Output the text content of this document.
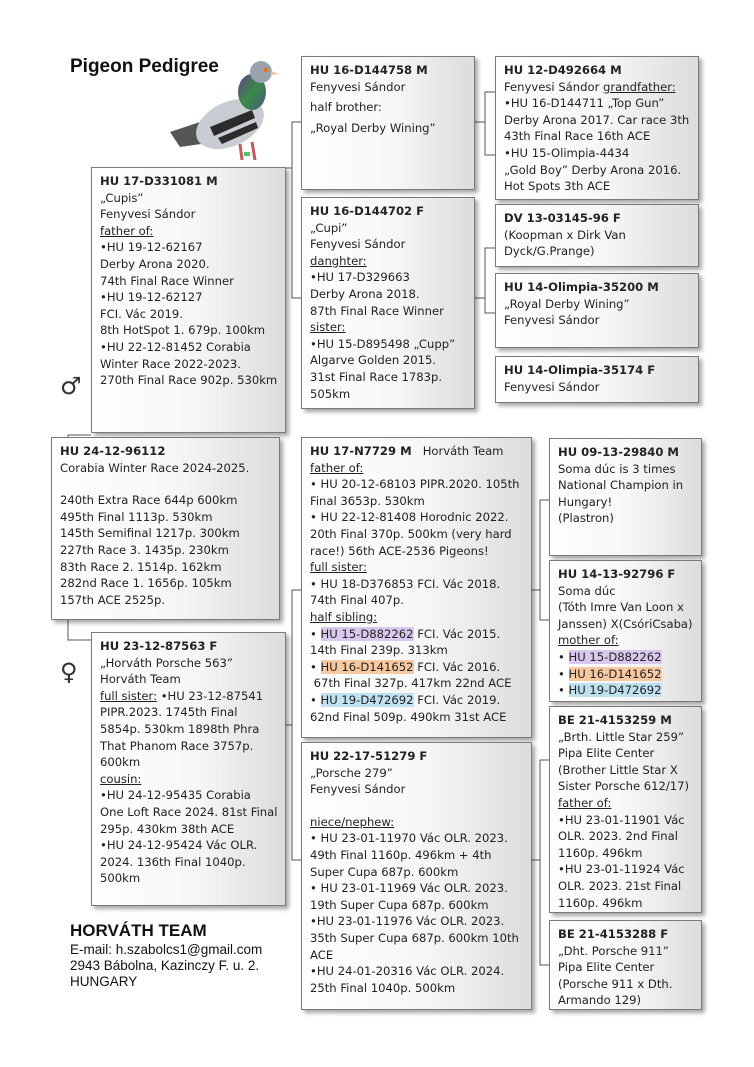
Pigeon Pedigree
HU 17-D331081 M
„Cupis”
Fenyvesi Sándor
father of:
•HU 19-12-62167
Derby Arona 2020.
74th Final Race Winner
•HU 19-12-62127
FCI. Vác 2019.
8th HotSpot 1. 679p. 100km
•HU 22-12-81452 Corabia
Winter Race 2022-2023.
270th Final Race 902p. 530km
HU 24-12-96112
Corabia Winter Race 2024-2025.
240th Extra Race 644p 600km
495th Final 1113p. 530km
145th Semifinal 1217p. 300km
227th Race 3. 1435p. 230km
83th Race 2. 1514p. 162km
282nd Race 1. 1656p. 105km
157th ACE 2525p.
♂
♀
HU 23-12-87563 F
„Horváth Porsche 563”
Horváth Team
full sister: •HU 23-12-87541
PIPR.2023. 1745th Final
5854p. 530km 1898th Phra
That Phanom Race 3757p.
600km
cousin:
•HU 24-12-95435 Corabia
One Loft Race 2024. 81st Final
295p. 430km 38th ACE
•HU 24-12-95424 Vác OLR.
2024. 136th Final 1040p.
500km
HU 16-D144758 M
Fenyvesi Sándor
half brother:
„Royal Derby Wining”
HU 16-D144702 F
„Cupi”
Fenyvesi Sándor
danghter:
•HU 17-D329663
Derby Arona 2018.
87th Final Race Winner
sister:
•HU 15-D895498 „Cupp”
Algarve Golden 2015.
31st Final Race 1783p.
505km
HU 17-N7729 M   Horváth Team
father of:
• HU 20-12-68103 PIPR.2020. 105th
Final 3653p. 530km
• HU 22-12-81408 Horodnic 2022.
20th Final 370p. 500km (very hard
race!) 56th ACE-2536 Pigeons!
full sister:
• HU 18-D376853 FCI. Vác 2018.
74th Final 407p.
half sibling:
• HU 15-D882262 FCI. Vác 2015.
14th Final 239p. 313km
• HU 16-D141652 FCI. Vác 2016.
67th Final 327p. 417km 22nd ACE
• HU 19-D472692 FCI. Vác 2019.
62nd Final 509p. 490km 31st ACE
HU 22-17-51279 F
„Porsche 279”
Fenyvesi Sándor
niece/nephew:
• HU 23-01-11970 Vác OLR. 2023.
49th Final 1160p. 496km + 4th
Super Cupa 687p. 600km
• HU 23-01-11969 Vác OLR. 2023.
19th Super Cupa 687p. 600km
•HU 23-01-11976 Vác OLR. 2023.
35th Super Cupa 687p. 600km 10th
ACE
•HU 24-01-20316 Vác OLR. 2024.
25th Final 1040p. 500km
HU 12-D492664 M
Fenyvesi Sándor grandfather:
•HU 16-D144711 „Top Gun”
Derby Arona 2017. Car race 3th
43th Final Race 16th ACE
•HU 15-Olimpia-4434
„Gold Boy” Derby Arona 2016.
Hot Spots 3th ACE
DV 13-03145-96 F
(Koopman x Dirk Van
Dyck/G.Prange)
HU 14-Olimpia-35200 M
„Royal Derby Wining”
Fenyvesi Sándor
HU 14-Olimpia-35174 F
Fenyvesi Sándor
HU 09-13-29840 M
Soma dúc is 3 times
National Champion in
Hungary!
(Plastron)
HU 14-13-92796 F
Soma dúc
(Tóth Imre Van Loon x
Janssen) X(CsóriCsaba)
mother of:
• HU 15-D882262
• HU 16-D141652
• HU 19-D472692
BE 21-4153259 M
„Brth. Little Star 259”
Pipa Elite Center
(Brother Little Star X
Sister Porsche 612/17)
father of:
•HU 23-01-11901 Vác
OLR. 2023. 2nd Final
1160p. 496km
•HU 23-01-11924 Vác
OLR. 2023. 21st Final
1160p. 496km
BE 21-4153288 F
„Dht. Porsche 911”
Pipa Elite Center
(Porsche 911 x Dth.
Armando 129)
HORVÁTH TEAM
E-mail: h.szabolcs1@gmail.com
2943 Bábolna, Kazinczy F. u. 2.
HUNGARY
